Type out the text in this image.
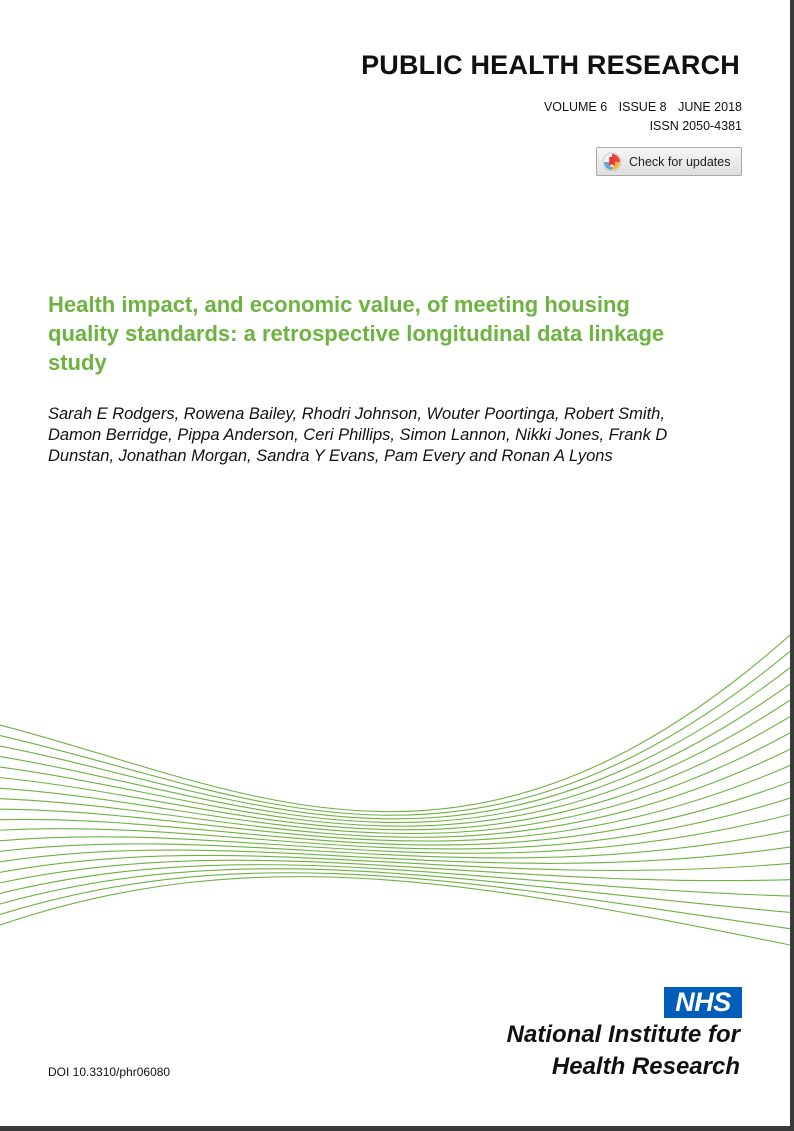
PUBLIC HEALTH RESEARCH
VOLUME 6 ISSUE 8 JUNE 2018
ISSN 2050-4381
Check for updates
Health impact, and economic value, of meeting housing quality standards: a retrospective longitudinal data linkage study
Sarah E Rodgers, Rowena Bailey, Rhodri Johnson, Wouter Poortinga, Robert Smith, Damon Berridge, Pippa Anderson, Ceri Phillips, Simon Lannon, Nikki Jones, Frank D Dunstan, Jonathan Morgan, Sandra Y Evans, Pam Every and Ronan A Lyons
DOI 10.3310/phr06080
NHS
National Institute for
Health Research
